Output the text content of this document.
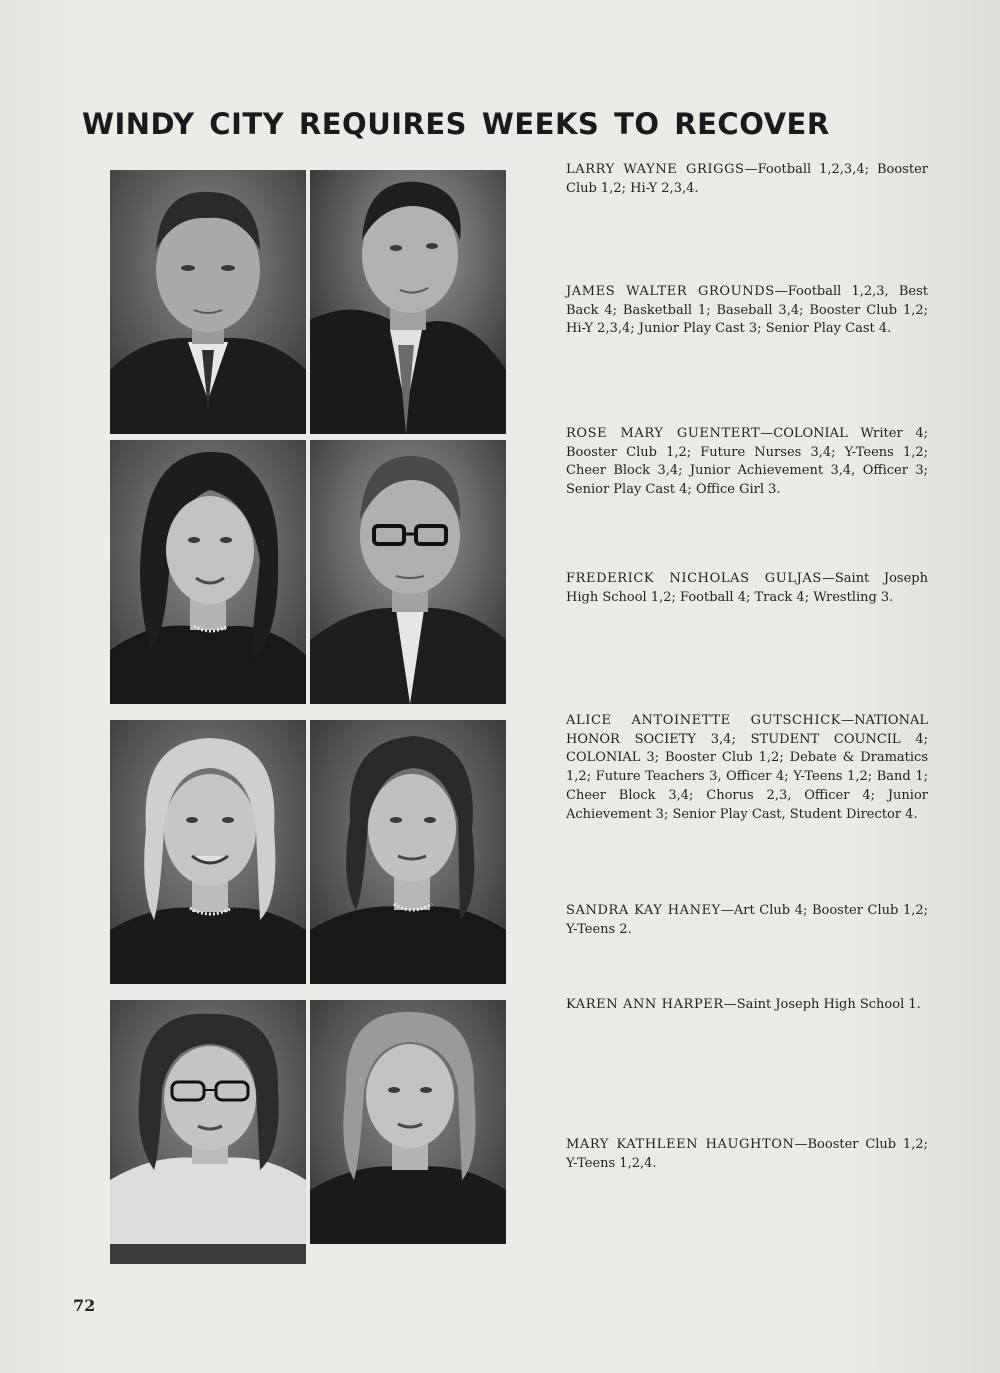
windy city requires weeks to recover
LARRY WAYNE GRIGGS—Football 1,2,3,4; Booster Club 1,2; Hi-Y 2,3,4.
JAMES WALTER GROUNDS—Football 1,2,3, Best Back 4; Basketball 1; Baseball 3,4; Booster Club 1,2; Hi-Y 2,3,4; Junior Play Cast 3; Senior Play Cast 4.
ROSE MARY GUENTERT—COLONIAL Writer 4; Booster Club 1,2; Future Nurses 3,4; Y-Teens 1,2; Cheer Block 3,4; Junior Achievement 3,4, Officer 3; Senior Play Cast 4; Office Girl 3.
FREDERICK NICHOLAS GULJAS—Saint Joseph High School 1,2; Football 4; Track 4; Wrestling 3.
ALICE ANTOINETTE GUTSCHICK—NATIONAL HONOR SOCIETY 3,4; STUDENT COUNCIL 4; COLONIAL 3; Booster Club 1,2; Debate & Dramatics 1,2; Future Teachers 3, Officer 4; Y-Teens 1,2; Band 1; Cheer Block 3,4; Chorus 2,3, Officer 4; Junior Achievement 3; Senior Play Cast, Student Director 4.
SANDRA KAY HANEY—Art Club 4; Booster Club 1,2; Y-Teens 2.
KAREN ANN HARPER—Saint Joseph High School 1.
MARY KATHLEEN HAUGHTON—Booster Club 1,2; Y-Teens 1,2,4.
72
